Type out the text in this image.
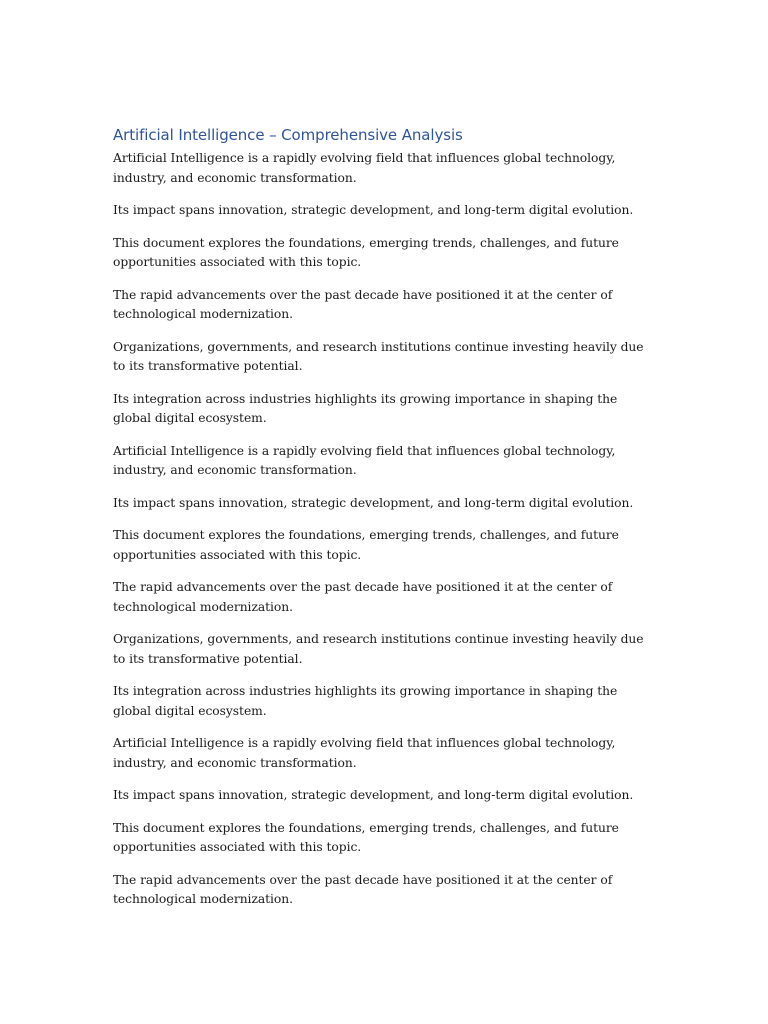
Artificial Intelligence – Comprehensive Analysis

Artificial Intelligence is a rapidly evolving field that influences global technology, industry, and economic transformation.

Its impact spans innovation, strategic development, and long-term digital evolution.

This document explores the foundations, emerging trends, challenges, and future opportunities associated with this topic.

The rapid advancements over the past decade have positioned it at the center of technological modernization.

Organizations, governments, and research institutions continue investing heavily due to its transformative potential.

Its integration across industries highlights its growing importance in shaping the global digital ecosystem.

Artificial Intelligence is a rapidly evolving field that influences global technology, industry, and economic transformation.

Its impact spans innovation, strategic development, and long-term digital evolution.

This document explores the foundations, emerging trends, challenges, and future opportunities associated with this topic.

The rapid advancements over the past decade have positioned it at the center of technological modernization.

Organizations, governments, and research institutions continue investing heavily due to its transformative potential.

Its integration across industries highlights its growing importance in shaping the global digital ecosystem.

Artificial Intelligence is a rapidly evolving field that influences global technology, industry, and economic transformation.

Its impact spans innovation, strategic development, and long-term digital evolution.

This document explores the foundations, emerging trends, challenges, and future opportunities associated with this topic.

The rapid advancements over the past decade have positioned it at the center of technological modernization.
